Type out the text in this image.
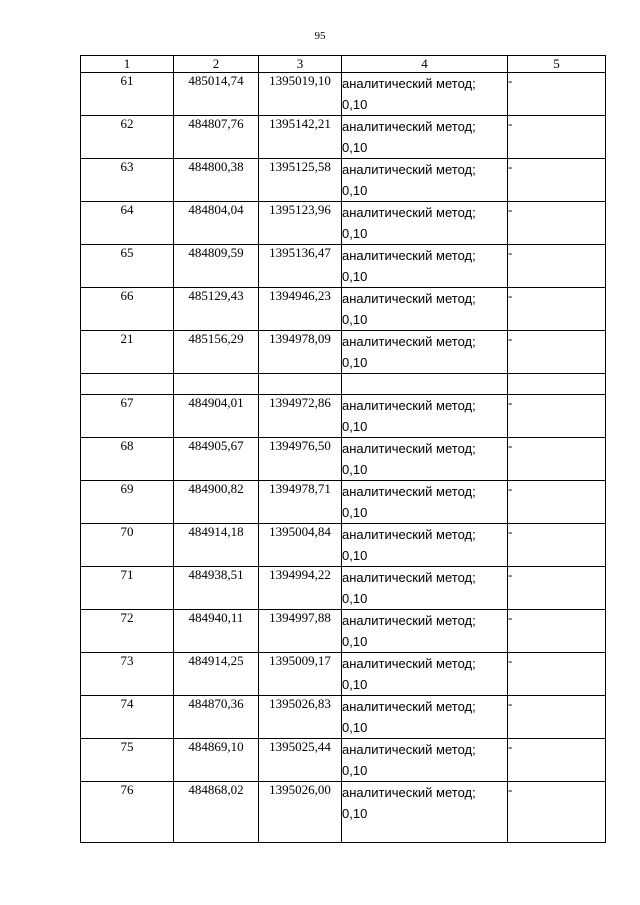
95
1	2	3	4	5
61	485014,74	1395019,10	аналитический метод;
0,10	-
62	484807,76	1395142,21	аналитический метод;
0,10	-
63	484800,38	1395125,58	аналитический метод;
0,10	-
64	484804,04	1395123,96	аналитический метод;
0,10	-
65	484809,59	1395136,47	аналитический метод;
0,10	-
66	485129,43	1394946,23	аналитический метод;
0,10	-
21	485156,29	1394978,09	аналитический метод;
0,10	-

67	484904,01	1394972,86	аналитический метод;
0,10	-
68	484905,67	1394976,50	аналитический метод;
0,10	-
69	484900,82	1394978,71	аналитический метод;
0,10	-
70	484914,18	1395004,84	аналитический метод;
0,10	-
71	484938,51	1394994,22	аналитический метод;
0,10	-
72	484940,11	1394997,88	аналитический метод;
0,10	-
73	484914,25	1395009,17	аналитический метод;
0,10	-
74	484870,36	1395026,83	аналитический метод;
0,10	-
75	484869,10	1395025,44	аналитический метод;
0,10	-
76	484868,02	1395026,00	аналитический метод;
0,10	-
